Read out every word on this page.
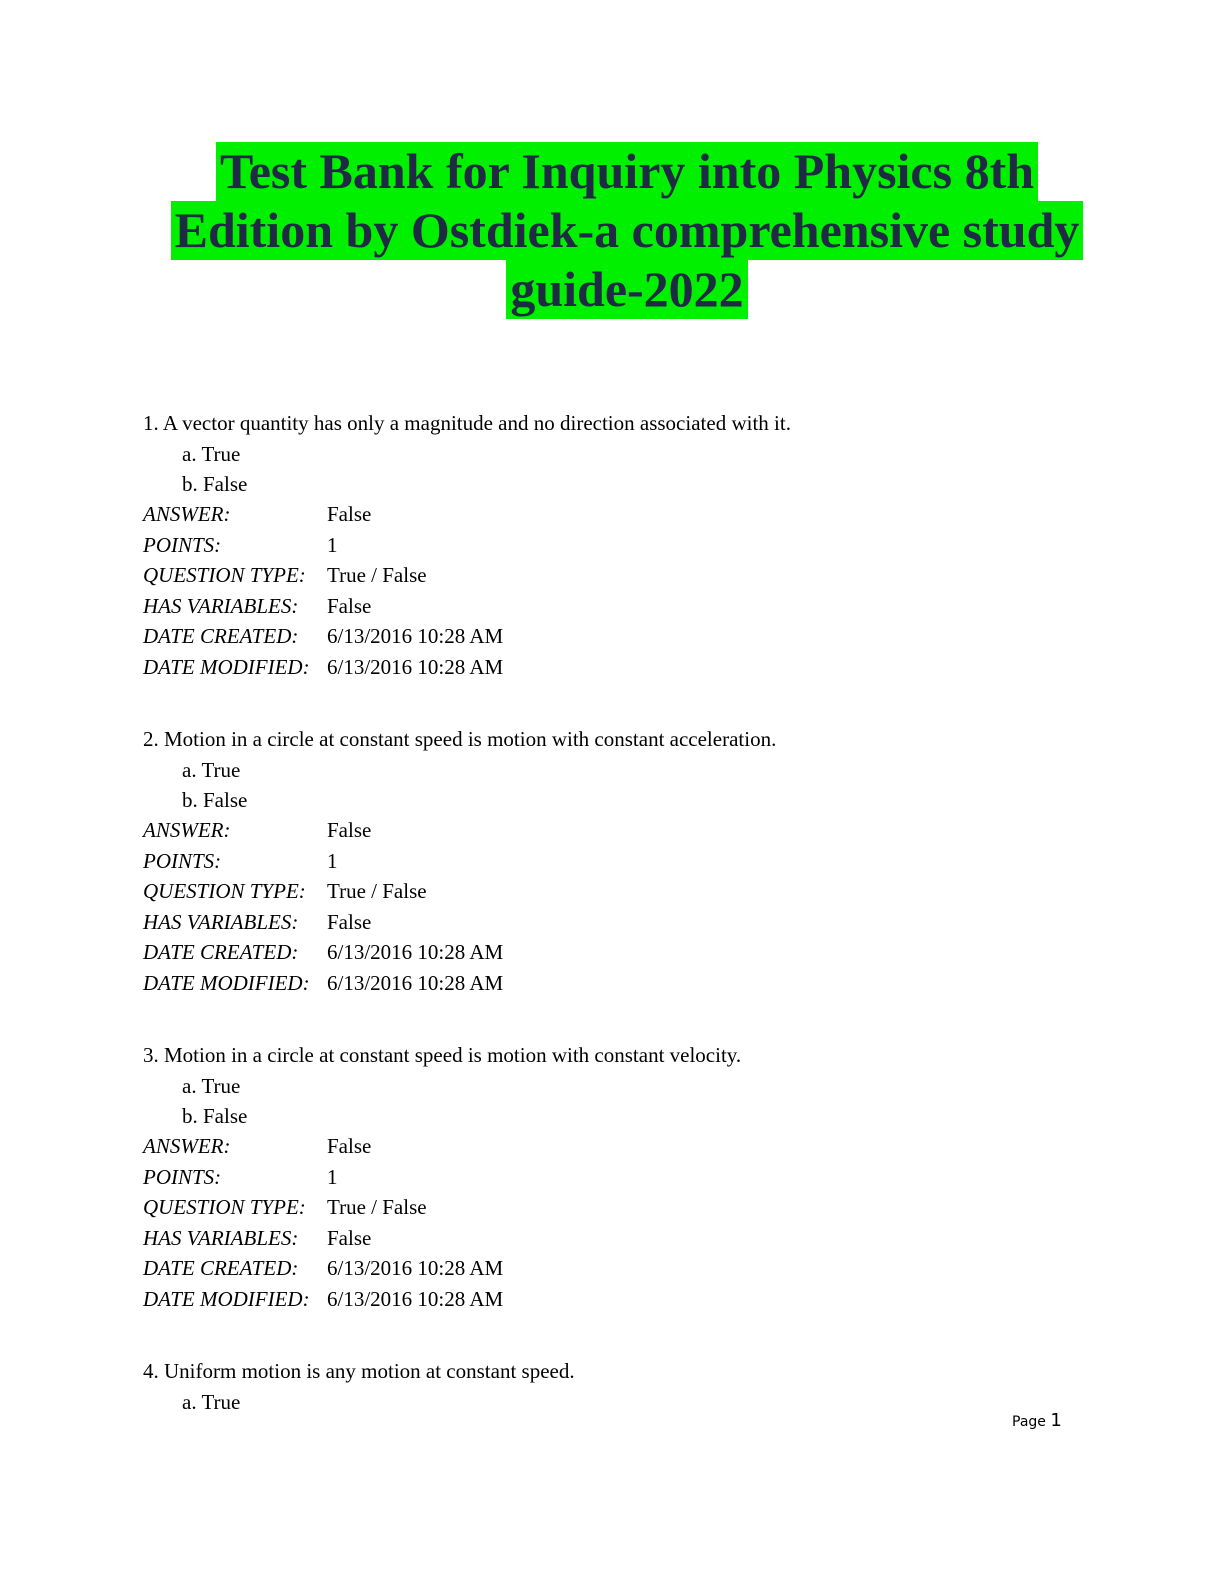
Test Bank for Inquiry into Physics 8th
Edition by Ostdiek-a comprehensive study
guide-2022
1. A vector quantity has only a magnitude and no direction associated with it.
a. True
b. False
ANSWER:	False
POINTS:	1
QUESTION TYPE:	True / False
HAS VARIABLES:	False
DATE CREATED:	6/13/2016 10:28 AM
DATE MODIFIED: 6/13/2016 10:28 AM
2. Motion in a circle at constant speed is motion with constant acceleration.
a. True
b. False
ANSWER:	False
POINTS:	1
QUESTION TYPE:	True / False
HAS VARIABLES:	False
DATE CREATED:	6/13/2016 10:28 AM
DATE MODIFIED: 6/13/2016 10:28 AM
3. Motion in a circle at constant speed is motion with constant velocity.
a. True
b. False
ANSWER:	False
POINTS:	1
QUESTION TYPE:	True / False
HAS VARIABLES:	False
DATE CREATED:	6/13/2016 10:28 AM
DATE MODIFIED: 6/13/2016 10:28 AM
4. Uniform motion is any motion at constant speed.
a. True
Page 1
